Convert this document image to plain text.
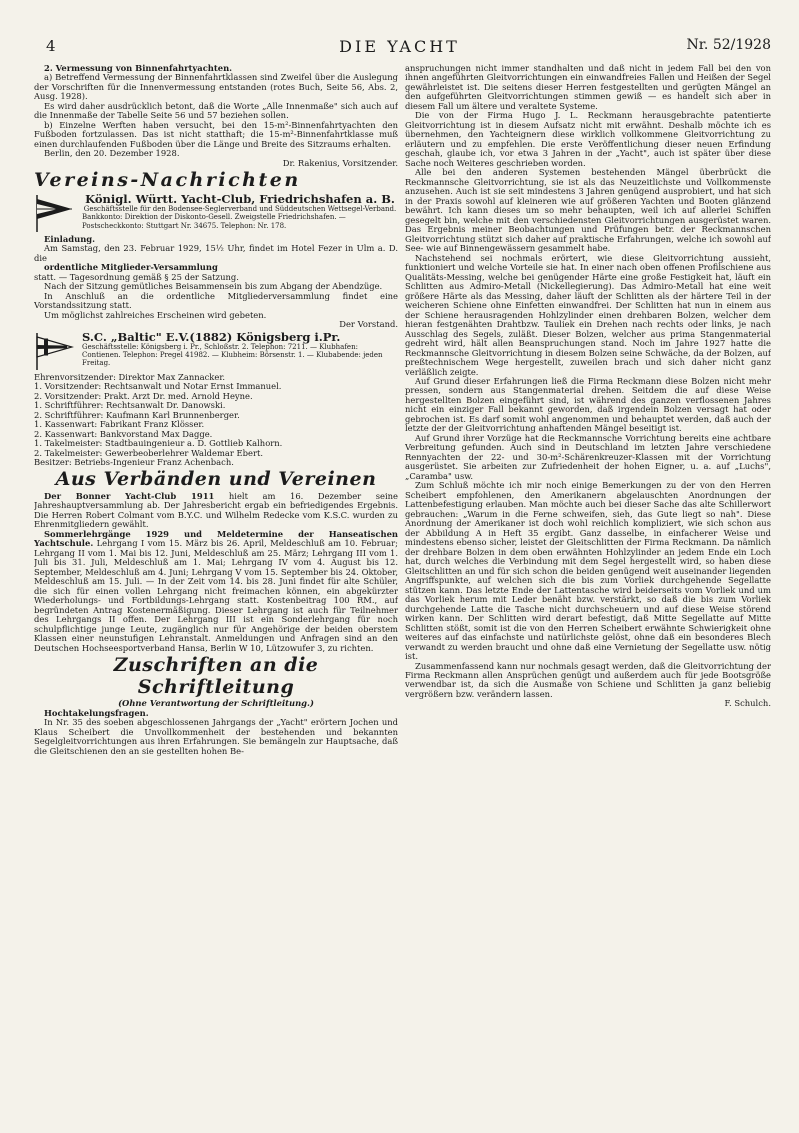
4	DIE YACHT	Nr. 52/1928

2. Vermessung von Binnenfahrtyachten.

a) Betreffend Vermessung der Binnenfahrtklassen sind Zweifel über die Auslegung der Vorschriften für die Innenvermessung entstanden (rotes Buch, Seite 56, Abs. 2, Ausg. 1928).

Es wird daher ausdrücklich betont, daß die Worte „Alle Innenmaße" sich auch auf die Innenmaße der Tabelle Seite 56 und 57 beziehen sollen.

b) Einzelne Werften haben versucht, bei den 15-m²-Binnenfahrtyachten den Fußboden fortzulassen. Das ist nicht statthaft; die 15-m²-Binnenfahrtklasse muß einen durchlaufenden Fußboden über die Länge und Breite des Sitzraums erhalten.

Berlin, den 20. Dezember 1928.

Dr. Rakenius, Vorsitzender.

Vereins-Nachrichten
Königl. Württ. Yacht-Club, Friedrichshafen a. B.
Geschäftsstelle für den Bodensee-Seglerverband und Süddeutschen Wettsegel-Verband.
Bankkonto: Direktion der Diskonto-Gesell. Zweigstelle Friedrichshafen. — Postscheckkonto: Stuttgart Nr. 34675. Telephon: Nr. 178.

Einladung.

Am Samstag, den 23. Februar 1929, 15½ Uhr, findet im Hotel Fezer in Ulm a. D. die

ordentliche Mitglieder-Versammlung

statt. — Tagesordnung gemäß § 25 der Satzung.

Nach der Sitzung gemütliches Beisammensein bis zum Abgang der Abendzüge.

In Anschluß an die ordentliche Mitgliederversammlung findet eine Vorstandssitzung statt.

Um möglichst zahlreiches Erscheinen wird gebeten.

Der Vorstand.

S.C. „Baltic" E.V.(1882) Königsberg i.Pr.
Geschäftsstelle: Königsberg i. Pr., Schloßstr. 2. Telephon: 7211. — Klubhafen: Contienen. Telephon: Pregel 41982. — Klubheim: Börsenstr. 1. — Klubabende: jeden Freitag.

Ehrenvorsitzender: Direktor Max Zannacker.

1. Vorsitzender: Rechtsanwalt und Notar Ernst Immanuel.

2. Vorsitzender: Prakt. Arzt Dr. med. Arnold Heyne.

1. Schriftführer: Rechtsanwalt Dr. Danowski.

2. Schriftführer: Kaufmann Karl Brunnenberger.

1. Kassenwart: Fabrikant Franz Klösser.

2. Kassenwart: Bankvorstand Max Dagge.

1. Takelmeister: Stadtbauingenieur a. D. Gottlieb Kalhorn.

2. Takelmeister: Gewerbeoberlehrer Waldemar Ebert.

Besitzer: Betriebs-Ingenieur Franz Achenbach.

Aus Verbänden und Vereinen

Der Bonner Yacht-Club 1911 hielt am 16. Dezember seine Jahreshauptversammlung ab. Der Jahresbericht ergab ein befriedigendes Ergebnis. Die Herren Robert Colmant vom B.Y.C. und Wilhelm Redecke vom K.S.C. wurden zu Ehrenmitgliedern gewählt.

Sommerlehrgänge 1929 und Meldetermine der Hanseatischen Yachtschule. Lehrgang I vom 15. März bis 26. April, Meldeschluß am 10. Februar; Lehrgang II vom 1. Mai bis 12. Juni, Meldeschluß am 25. März; Lehrgang III vom 1. Juli bis 31. Juli, Meldeschluß am 1. Mai; Lehrgang IV vom 4. August bis 12. September, Meldeschluß am 4. Juni; Lehrgang V vom 15. September bis 24. Oktober, Meldeschluß am 15. Juli. — In der Zeit vom 14. bis 28. Juni findet für alte Schüler, die sich für einen vollen Lehrgang nicht freimachen können, ein abgekürzter Wiederholungs- und Fortbildungs-Lehrgang statt. Kostenbeitrag 100 RM., auf begründeten Antrag Kostenermäßigung. Dieser Lehrgang ist auch für Teilnehmer des Lehrgangs II offen. Der Lehrgang III ist ein Sonderlehrgang für noch schulpflichtige junge Leute, zugänglich nur für Angehörige der beiden oberstem Klassen einer neunstufigen Lehranstalt. Anmeldungen und Anfragen sind an den Deutschen Hochseesportverband Hansa, Berlin W 10, Lützowufer 3, zu richten.

Zuschriften an die Schriftleitung

(Ohne Verantwortung der Schriftleitung.)

Hochtakelungsfragen.

In Nr. 35 des soeben abgeschlossenen Jahrgangs der „Yacht" erörtern Jochen und Klaus Scheibert die Unvollkommenheit der bestehenden und bekannten Segelgleitvorrichtungen aus ihren Erfahrungen. Sie bemängeln zur Hauptsache, daß die Gleitschienen den an sie gestellten hohen Be-

anspruchungen nicht immer standhalten und daß nicht in jedem Fall bei den von ihnen angeführten Gleitvorrichtungen ein einwandfreies Fallen und Heißen der Segel gewährleistet ist. Die seitens dieser Herren festgestellten und gerügten Mängel an den aufgeführten Gleitvorrichtungen stimmen gewiß — es handelt sich aber in diesem Fall um ältere und veraltete Systeme.

Die von der Firma Hugo J. L. Reckmann herausgebrachte patentierte Gleitvorrichtung ist in diesem Aufsatz nicht mit erwähnt. Deshalb möchte ich es übernehmen, den Yachteignern diese wirklich vollkommene Gleitvorrichtung zu erläutern und zu empfehlen. Die erste Veröffentlichung dieser neuen Erfindung geschah, glaube ich, vor etwa 3 Jahren in der „Yacht", auch ist später über diese Sache noch Weiteres geschrieben worden.

Alle bei den anderen Systemen bestehenden Mängel überbrückt die Reckmannsche Gleitvorrichtung, sie ist als das Neuzeitlichste und Vollkommenste anzusehen. Auch ist sie seit mindestens 3 Jahren genügend ausprobiert, und hat sich in der Praxis sowohl auf kleineren wie auf größeren Yachten und Booten glänzend bewährt. Ich kann dieses um so mehr behaupten, weil ich auf allerlei Schiffen gesegelt bin, welche mit den verschiedensten Gleitvorrichtungen ausgerüstet waren. Das Ergebnis meiner Beobachtungen und Prüfungen betr. der Reckmannschen Gleitvorrichtung stützt sich daher auf praktische Erfahrungen, welche ich sowohl auf See- wie auf Binnengewässern gesammelt habe.

Nachstehend sei nochmals erörtert, wie diese Gleitvorrichtung aussieht, funktioniert und welche Vorteile sie hat. In einer nach oben offenen Profilschiene aus Qualitäts-Messing, welche bei genügender Härte eine große Festigkeit hat, läuft ein Schlitten aus Admiro-Metall (Nickellegierung). Das Admiro-Metall hat eine weit größere Härte als das Messing, daher läuft der Schlitten als der härtere Teil in der weicheren Schiene ohne Einfetten einwandfrei. Der Schlitten hat nun in einem aus der Schiene herausragenden Hohlzylinder einen drehbaren Bolzen, welcher dem hieran festgenähten Drahtbzw. Tauliek ein Drehen nach rechts oder links, je nach Ausschlag des Segels, zuläßt. Dieser Bolzen, welcher aus prima Stangenmaterial gedreht wird, hält allen Beanspruchungen stand. Noch im Jahre 1927 hatte die Reckmannsche Gleitvorrichtung in diesem Bolzen seine Schwäche, da der Bolzen, auf preßtechnischem Wege hergestellt, zuweilen brach und sich daher nicht ganz verläßlich zeigte.

Auf Grund dieser Erfahrungen ließ die Firma Reckmann diese Bolzen nicht mehr pressen, sondern aus Stangenmaterial drehen. Seitdem die auf diese Weise hergestellten Bolzen eingeführt sind, ist während des ganzen verflossenen Jahres nicht ein einziger Fall bekannt geworden, daß irgendein Bolzen versagt hat oder gebrochen ist. Es darf somit wohl angenommen und behauptet werden, daß auch der letzte der der Gleitvorrichtung anhaftenden Mängel beseitigt ist.

Auf Grund ihrer Vorzüge hat die Reckmannsche Vorrichtung bereits eine achtbare Verbreitung gefunden. Auch sind in Deutschland im letzten Jahre verschiedene Rennyachten der 22- und 30-m²-Schärenkreuzer-Klassen mit der Vorrichtung ausgerüstet. Sie arbeiten zur Zufriedenheit der hohen Eigner, u. a. auf „Luchs", „Caramba" usw.

Zum Schluß möchte ich mir noch einige Bemerkungen zu der von den Herren Scheibert empfohlenen, den Amerikanern abgelauschten Anordnungen der Lattenbefestigung erlauben. Man möchte auch bei dieser Sache das alte Schillerwort gebrauchen: „Warum in die Ferne schweifen, sieh, das Gute liegt so nah". Diese Anordnung der Amerikaner ist doch wohl reichlich kompliziert, wie sich schon aus der Abbildung A in Heft 35 ergibt. Ganz dasselbe, in einfacherer Weise und mindestens ebenso sicher, leistet der Gleitschlitten der Firma Reckmann. Da nämlich der drehbare Bolzen in dem oben erwähnten Hohlzylinder an jedem Ende ein Loch hat, durch welches die Verbindung mit dem Segel hergestellt wird, so haben diese Gleitschlitten an und für sich schon die beiden genügend weit auseinander liegenden Angriffspunkte, auf welchen sich die bis zum Vorliek durchgehende Segellatte stützen kann. Das letzte Ende der Lattentasche wird beiderseits vom Vorliek und um das Vorliek herum mit Leder benäht bzw. verstärkt, so daß die bis zum Vorliek durchgehende Latte die Tasche nicht durchscheuern und auf diese Weise störend wirken kann. Der Schlitten wird derart befestigt, daß Mitte Segellatte auf Mitte Schlitten stößt, somit ist die von den Herren Scheibert erwähnte Schwierigkeit ohne weiteres auf das einfachste und natürlichste gelöst, ohne daß ein besonderes Blech verwandt zu werden braucht und ohne daß eine Vernietung der Segellatte usw. nötig ist.

Zusammenfassend kann nur nochmals gesagt werden, daß die Gleitvorrichtung der Firma Reckmann allen Ansprüchen genügt und außerdem auch für jede Bootsgröße verwendbar ist, da sich die Ausmaße von Schiene und Schlitten ja ganz beliebig vergrößern bzw. verändern lassen.

F. Schulch.
